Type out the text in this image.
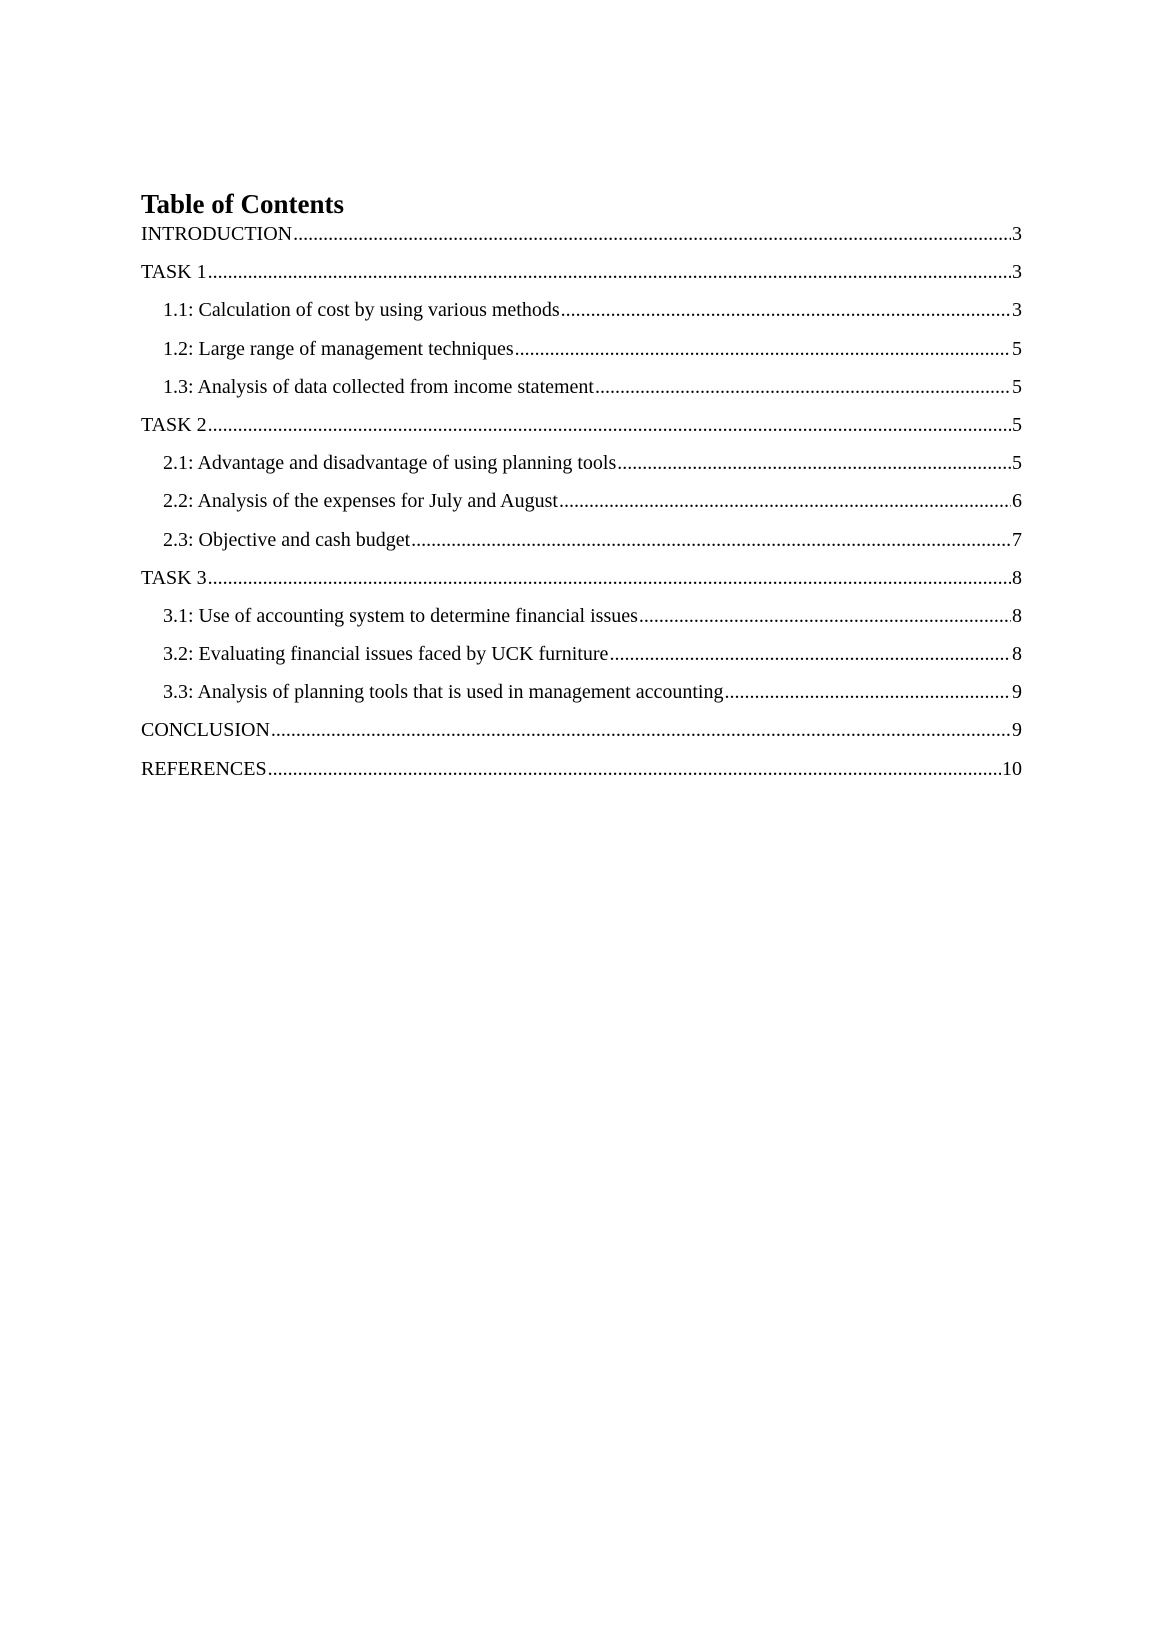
Table of Contents
INTRODUCTION .....	3
TASK 1 .....	3
1.1: Calculation of cost by using various methods .....	3
1.2: Large range of management techniques .....	5
1.3: Analysis of data collected from income statement .....	5
TASK 2 .....	5
2.1: Advantage and disadvantage of using planning tools .....	5
2.2: Analysis of the expenses for July and August .....	6
2.3: Objective and cash budget .....	7
TASK 3 .....	8
3.1: Use of accounting system to determine financial issues .....	8
3.2: Evaluating financial issues faced by UCK furniture .....	8
3.3: Analysis of planning tools that is used in management accounting .....	9
CONCLUSION .....	9
REFERENCES .....	10
